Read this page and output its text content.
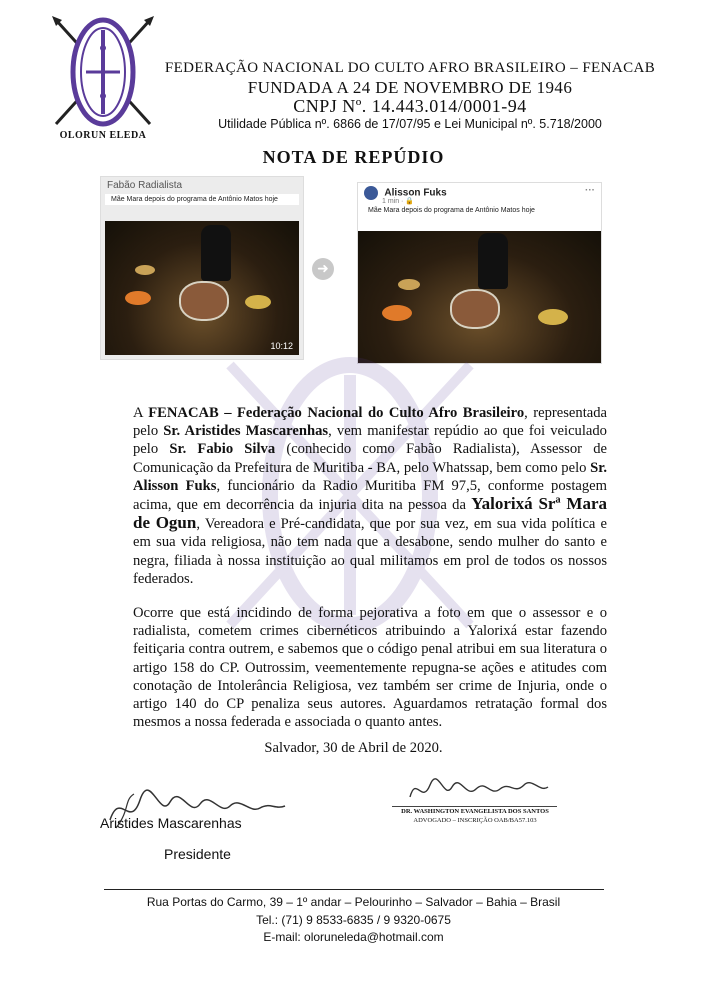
OLORUN ELEDA
FEDERAÇÃO NACIONAL DO CULTO AFRO BRASILEIRO – FENACAB
FUNDADA A 24 DE NOVEMBRO DE 1946
CNPJ Nº. 14.443.014/0001-94
Utilidade Pública nº. 6866 de 17/07/95 e Lei Municipal nº. 5.718/2000
NOTA DE REPÚDIO
Fabão Radialista
Mãe Mara depois do programa de Antônio Matos hoje
10:12
➜
Alisson Fuks	···
1 min · 🔒
Mãe Mara depois do programa de Antônio Matos hoje
A FENACAB – Federação Nacional do Culto Afro Brasileiro, representada pelo Sr. Aristides Mascarenhas, vem manifestar repúdio ao que foi veiculado pelo Sr. Fabio Silva (conhecido como Fabão Radialista), Assessor de Comunicação da Prefeitura de Muritiba - BA, pelo Whatssap, bem como pelo Sr. Alisson Fuks, funcionário da Radio Muritiba FM 97,5, conforme postagem acima, que em decorrência da injuria dita na pessoa da Yalorixá Srª Mara de Ogun, Vereadora e Pré-candidata, que por sua vez, em sua vida política e em sua vida religiosa, não tem nada que a desabone, sendo mulher do santo e negra, filiada à nossa instituição ao qual militamos em prol de todos os nossos federados.
Ocorre que está incidindo de forma pejorativa a foto em que o assessor e o radialista, cometem crimes cibernéticos atribuindo a Yalorixá estar fazendo feitiçaria contra outrem, e sabemos que o código penal atribui em sua literatura o artigo 158 do CP. Outrossim, veementemente repugna-se ações e atitudes com conotação de Intolerância Religiosa, vez também ser crime de Injuria, onde o artigo 140 do CP penaliza seus autores. Aguardamos retratação formal dos mesmos a nossa federada e associada o quanto antes.
Salvador, 30 de Abril de 2020.
Aristides Mascarenhas
Presidente
DR. WASHINGTON EVANGELISTA DOS SANTOS
ADVOGADO – INSCRIÇÃO OAB/BA57.103
Rua Portas do Carmo, 39 – 1º andar – Pelourinho – Salvador – Bahia – Brasil
Tel.: (71) 9 8533-6835 / 9 9320-0675
E-mail: oloruneleda@hotmail.com
